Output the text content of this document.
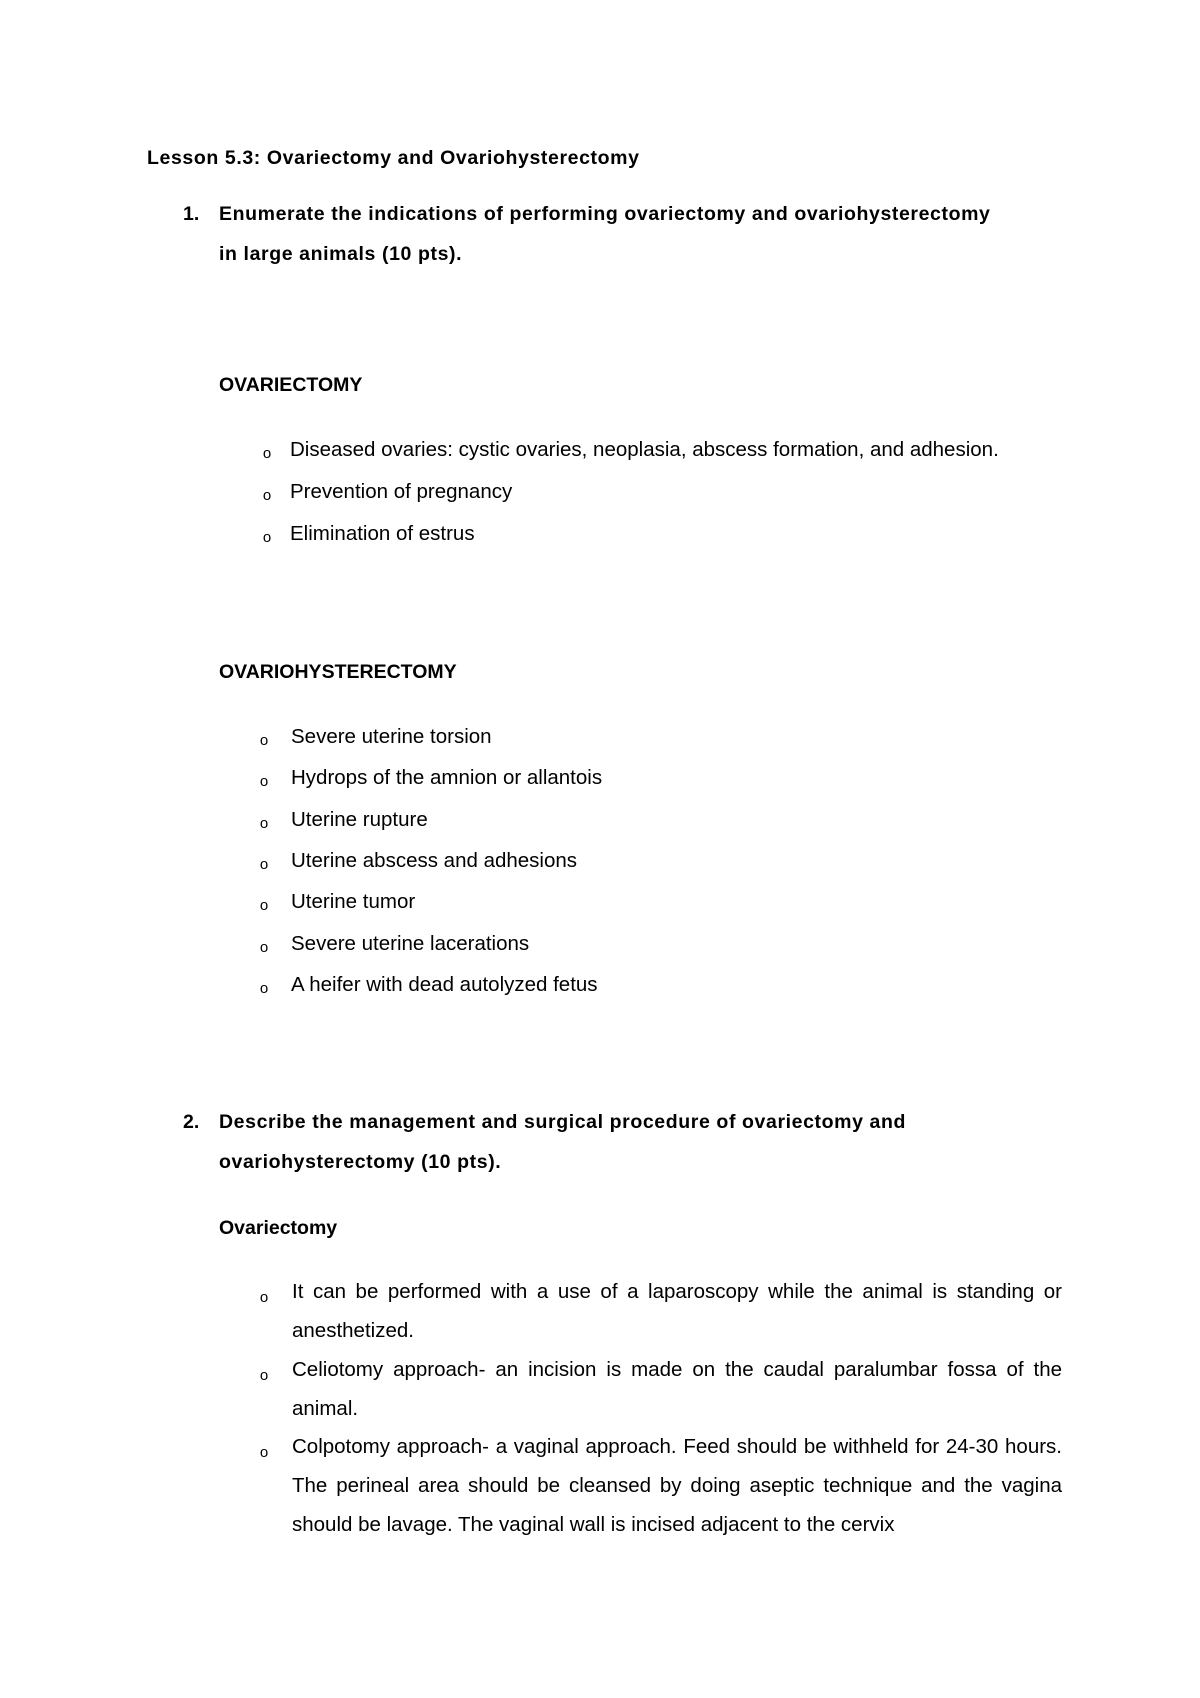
Lesson 5.3: Ovariectomy and Ovariohysterectomy
1. Enumerate the indications of performing ovariectomy and ovariohysterectomy
in large animals (10 pts).
OVARIECTOMY
o Diseased ovaries: cystic ovaries, neoplasia, abscess formation, and adhesion.
o Prevention of pregnancy
o Elimination of estrus
OVARIOHYSTERECTOMY
o Severe uterine torsion
o Hydrops of the amnion or allantois
o Uterine rupture
o Uterine abscess and adhesions
o Uterine tumor
o Severe uterine lacerations
o A heifer with dead autolyzed fetus
2. Describe the management and surgical procedure of ovariectomy and
ovariohysterectomy (10 pts).
Ovariectomy
o It can be performed with a use of a laparoscopy while the animal is standing or anesthetized.
o Celiotomy approach- an incision is made on the caudal paralumbar fossa of the animal.
o Colpotomy approach- a vaginal approach. Feed should be withheld for 24-30 hours. The perineal area should be cleansed by doing aseptic technique and the vagina should be lavage. The vaginal wall is incised adjacent to the cervix
